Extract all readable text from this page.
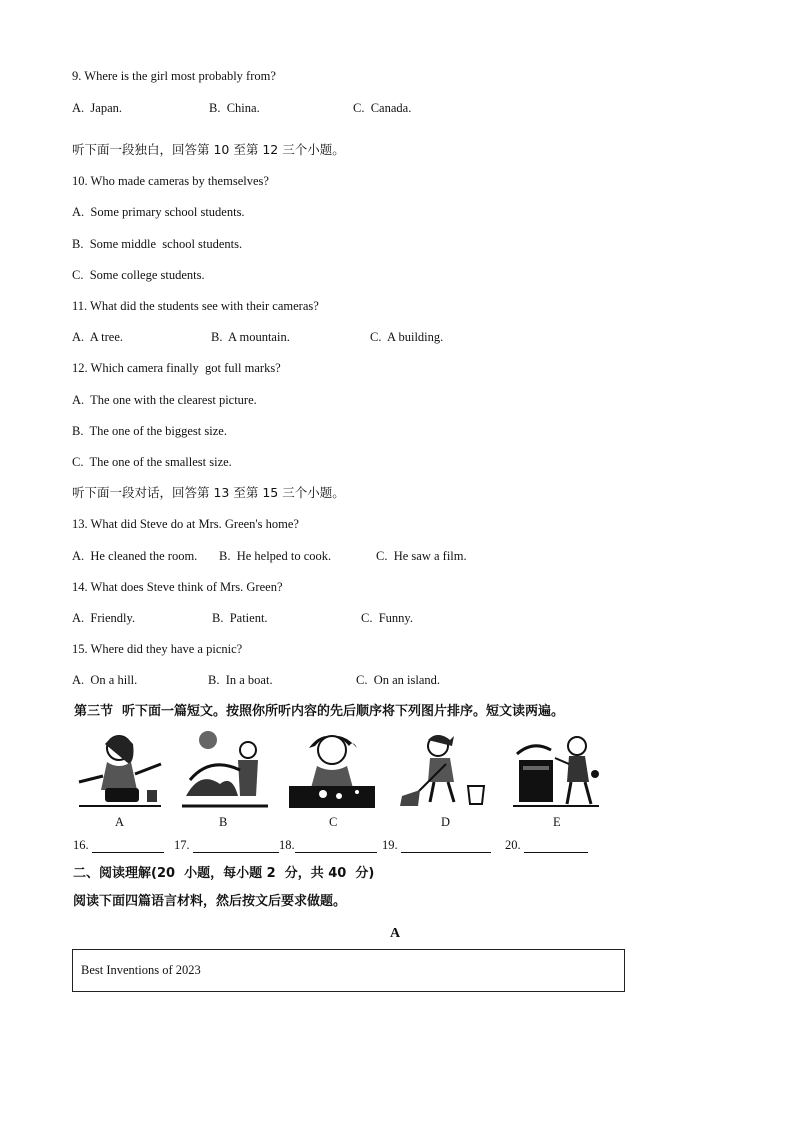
9. Where is the girl most probably from?
A.  Japan.	B.  China.	C.  Canada.
听下面一段独白，回答第 10 至第 12 三个小题。
10. Who made cameras by themselves?
A.  Some primary school students.
B.  Some middle  school students.
C.  Some college students.
11. What did the students see with their cameras?
A.  A tree.	B.  A mountain.	C.  A building.
12. Which camera finally  got full marks?
A.  The one with the clearest picture.
B.  The one of the biggest size.
C.  The one of the smallest size.
听下面一段对话，回答第 13 至第 15 三个小题。
13. What did Steve do at Mrs. Green's home?
A.  He cleaned the room. B.  He helped to cook.	C.  He saw a film.
14. What does Steve think of Mrs. Green?
A.  Friendly.	B.  Patient.	C.  Funny.
15. Where did they have a picnic?
A.  On a hill.	B.  In a boat.	C.  On an island.
第三节  听下面一篇短文。按照你所听内容的先后顺序将下列图片排序。短文读两遍。
A	B	C	D	E
16.	17.	18.	19.	20.
二、阅读理解(20  小题，每小题 2  分，共 40  分)
阅读下面四篇语言材料，然后按文后要求做题。
A
Best Inventions of 2023
